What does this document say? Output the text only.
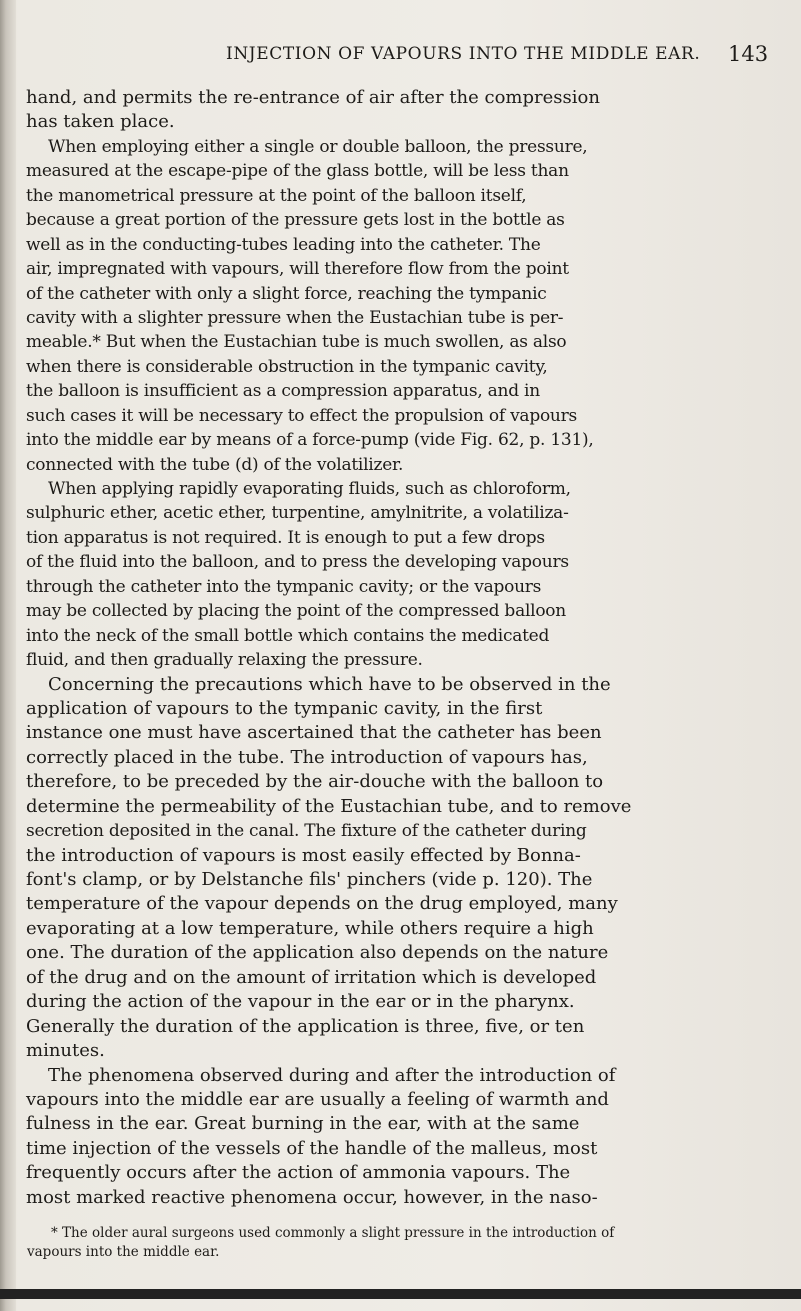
INJECTION OF VAPOURS INTO THE MIDDLE EAR. 143
hand, and permits the re-entrance of air after the compression
has taken place.
When employing either a single or double balloon, the pressure,
measured at the escape-pipe of the glass bottle, will be less than
the manometrical pressure at the point of the balloon itself,
because a great portion of the pressure gets lost in the bottle as
well as in the conducting-tubes leading into the catheter. The
air, impregnated with vapours, will therefore flow from the point
of the catheter with only a slight force, reaching the tympanic
cavity with a slighter pressure when the Eustachian tube is per-
meable.* But when the Eustachian tube is much swollen, as also
when there is considerable obstruction in the tympanic cavity,
the balloon is insufficient as a compression apparatus, and in
such cases it will be necessary to effect the propulsion of vapours
into the middle ear by means of a force-pump (vide Fig. 62, p. 131),
connected with the tube (d) of the volatilizer.
When applying rapidly evaporating fluids, such as chloroform,
sulphuric ether, acetic ether, turpentine, amylnitrite, a volatiliza-
tion apparatus is not required. It is enough to put a few drops
of the fluid into the balloon, and to press the developing vapours
through the catheter into the tympanic cavity; or the vapours
may be collected by placing the point of the compressed balloon
into the neck of the small bottle which contains the medicated
fluid, and then gradually relaxing the pressure.
Concerning the precautions which have to be observed in the
application of vapours to the tympanic cavity, in the first
instance one must have ascertained that the catheter has been
correctly placed in the tube. The introduction of vapours has,
therefore, to be preceded by the air-douche with the balloon to
determine the permeability of the Eustachian tube, and to remove
secretion deposited in the canal. The fixture of the catheter during
the introduction of vapours is most easily effected by Bonna-
font's clamp, or by Delstanche fils' pinchers (vide p. 120). The
temperature of the vapour depends on the drug employed, many
evaporating at a low temperature, while others require a high
one. The duration of the application also depends on the nature
of the drug and on the amount of irritation which is developed
during the action of the vapour in the ear or in the pharynx.
Generally the duration of the application is three, five, or ten
minutes.
The phenomena observed during and after the introduction of
vapours into the middle ear are usually a feeling of warmth and
fulness in the ear. Great burning in the ear, with at the same
time injection of the vessels of the handle of the malleus, most
frequently occurs after the action of ammonia vapours. The
most marked reactive phenomena occur, however, in the naso-
* The older aural surgeons used commonly a slight pressure in the introduction of
vapours into the middle ear.
